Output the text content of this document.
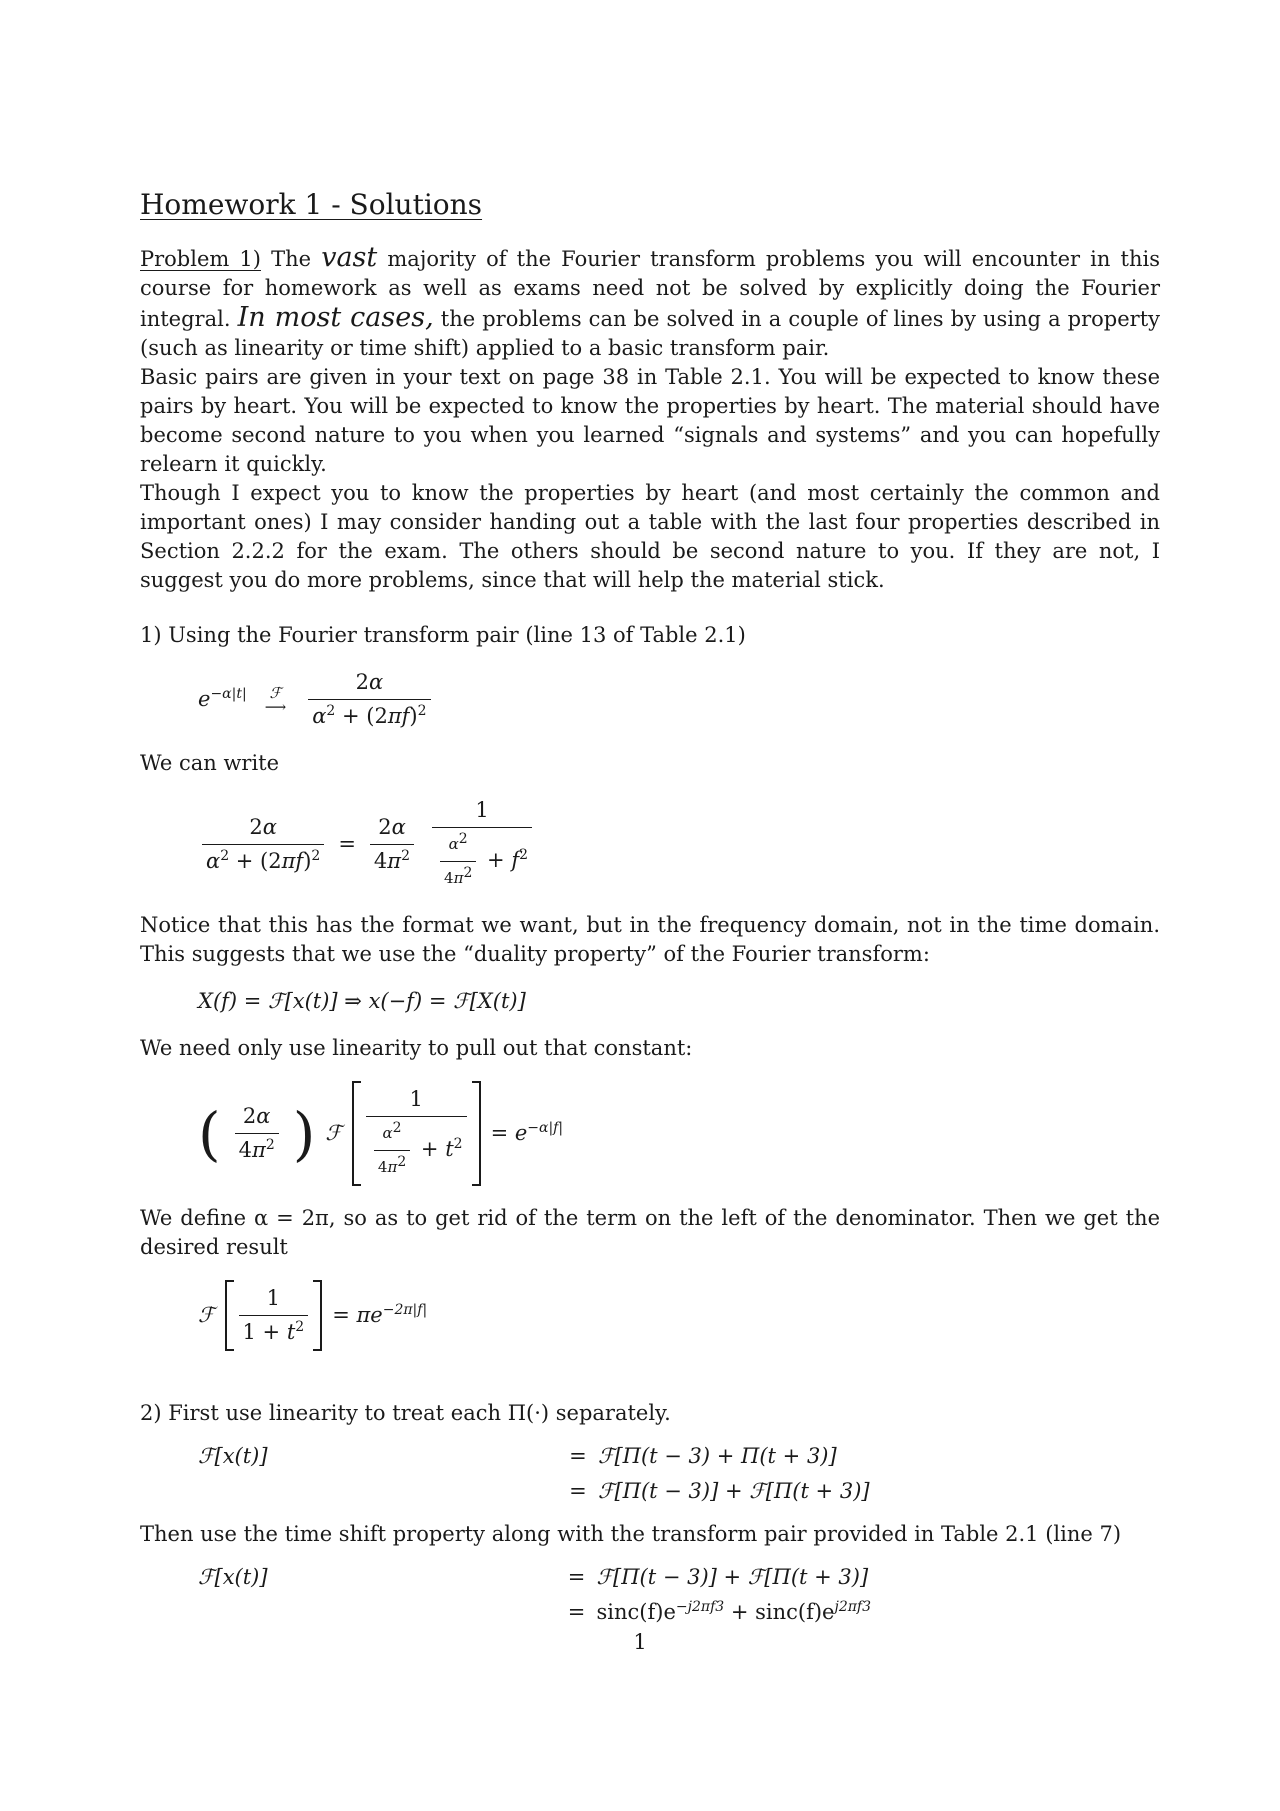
Homework 1 - Solutions

Problem 1) The vast majority of the Fourier transform problems you will encounter in this course for homework as well as exams need not be solved by explicitly doing the Fourier integral. In most cases, the problems can be solved in a couple of lines by using a property (such as linearity or time shift) applied to a basic transform pair.

Basic pairs are given in your text on page 38 in Table 2.1. You will be expected to know these pairs by heart. You will be expected to know the properties by heart. The material should have become second nature to you when you learned “signals and systems” and you can hopefully relearn it quickly.

Though I expect you to know the properties by heart (and most certainly the common and important ones) I may consider handing out a table with the last four properties described in Section 2.2.2 for the exam. The others should be second nature to you. If they are not, I suggest you do more problems, since that will help the material stick.

1) Using the Fourier transform pair (line 13 of Table 2.1)

$e^{-\alpha|t|}$ ℱ
⟶ $\frac{2\alpha}{\alpha^2 + (2\pi f)^2}$

We can write

$\frac{2\alpha}{\alpha^2 + (2\pi f)^2} = \frac{2\alpha}{4\pi^2} \frac{1}{\frac{\alpha 2}{4\pi 2} + f^2}$

Notice that this has the format we want, but in the frequency domain, not in the time domain. This suggests that we use the “duality property” of the Fourier transform:

X(f) = ℱ[x(t)] ⇒ x(−f) = ℱ[X(t)]

We need only use linearity to pull out that constant:

( $\frac{2\alpha}{4\pi^2}$ ) ℱ $\frac{1}{\frac{\alpha 2}{4\pi 2} + t^2} = e^{-\alpha|f|}$

We define α = 2π, so as to get rid of the term on the left of the denominator. Then we get the desired result

ℱ $\frac{1}{1 + t^2} = \pi e^{-2\pi|f|}$

2) First use linearity to treat each Π(·) separately.

ℱ[x(t)]	= ℱ[Π(t − 3) + Π(t + 3)]
= ℱ[Π(t − 3)] + ℱ[Π(t + 3)]

Then use the time shift property along with the transform pair provided in Table 2.1 (line 7)

ℱ[x(t)]	= ℱ[Π(t − 3)] + ℱ[Π(t + 3)]
= $\sin c(f)e^{-j2\pi f3} + \sin c(f)e^{j2\pi f3}$
1
